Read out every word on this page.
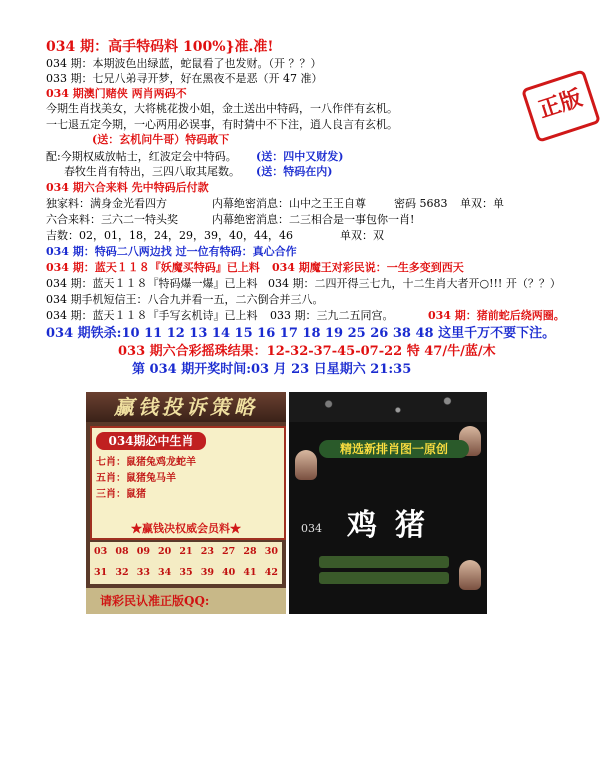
034 期：高手特码料 100%}准.准!
034 期：本期波色出绿蓝，蛇鼠看了也发财。（开 ？？）
033 期：七兄八弟寻开梦，好在黑夜不是恶（开 47 准）
034 期澳门赌侠 两肖两码不
今期生肖找美女，大将桃花拨小姐，金土送出中特码，一八作伴有玄机。
一七退五定今期，一心两用必误事，有时猜中不下注，逍人良言有玄机。
(送：玄机问牛哥）特码敢下
配:今期权威放帖士，红波定会中特码。 (送：四中又财发)
春牧生肖有特出，三四八取其尾数。 (送：特码在内)
034 期六合来料 先中特码后付款
独家料：满身金光看四方	内幕绝密消息：山中之王王自尊	密码 5683 单双：单
六合来料：三六二一特头奖	内幕绝密消息：二三相合是一事包你一肖!
吉数：02，01，18，24，29，39，40，44，46	单双：双
034 期：特码二八两边找 过一位有特码：真心合作
034 期：蓝天１１８『妖魔买特码』已上料 034 期魔王对彩民说：一生多变到西天
034 期：蓝天１１８『特码爆一爆』已上料 034 期：二四开得三七九，十二生肖大者开○!!! 开（？？）
034 期手机短信王：八合九并看一五，二六倒合并三八。
034 期：蓝天１１８『手写玄机诗』已上料 033 期：三九二五同宫。	034 期：猪前蛇后绕两圈。
034 期铁杀:10 11 12 13 14 15 16 17 18 19 25 26 38 48 这里千万不要下注。
033 期六合彩摇珠结果：12-32-37-45-07-22 特 47/牛/蓝/木
第 034 期开奖时间:03 月 23 日星期六 21:35
正版
赢钱投诉策略
034期必中生肖
七肖：鼠猪兔鸡龙蛇羊
五肖：鼠猪兔马羊
三肖：鼠猪
★赢钱决权威会员料★
03 08 09 20 21 23 27 28 30
31 32 33 34 35 39 40 41 42
请彩民认准正版QQ:
精选新排肖图一原创
034 鸡猪
